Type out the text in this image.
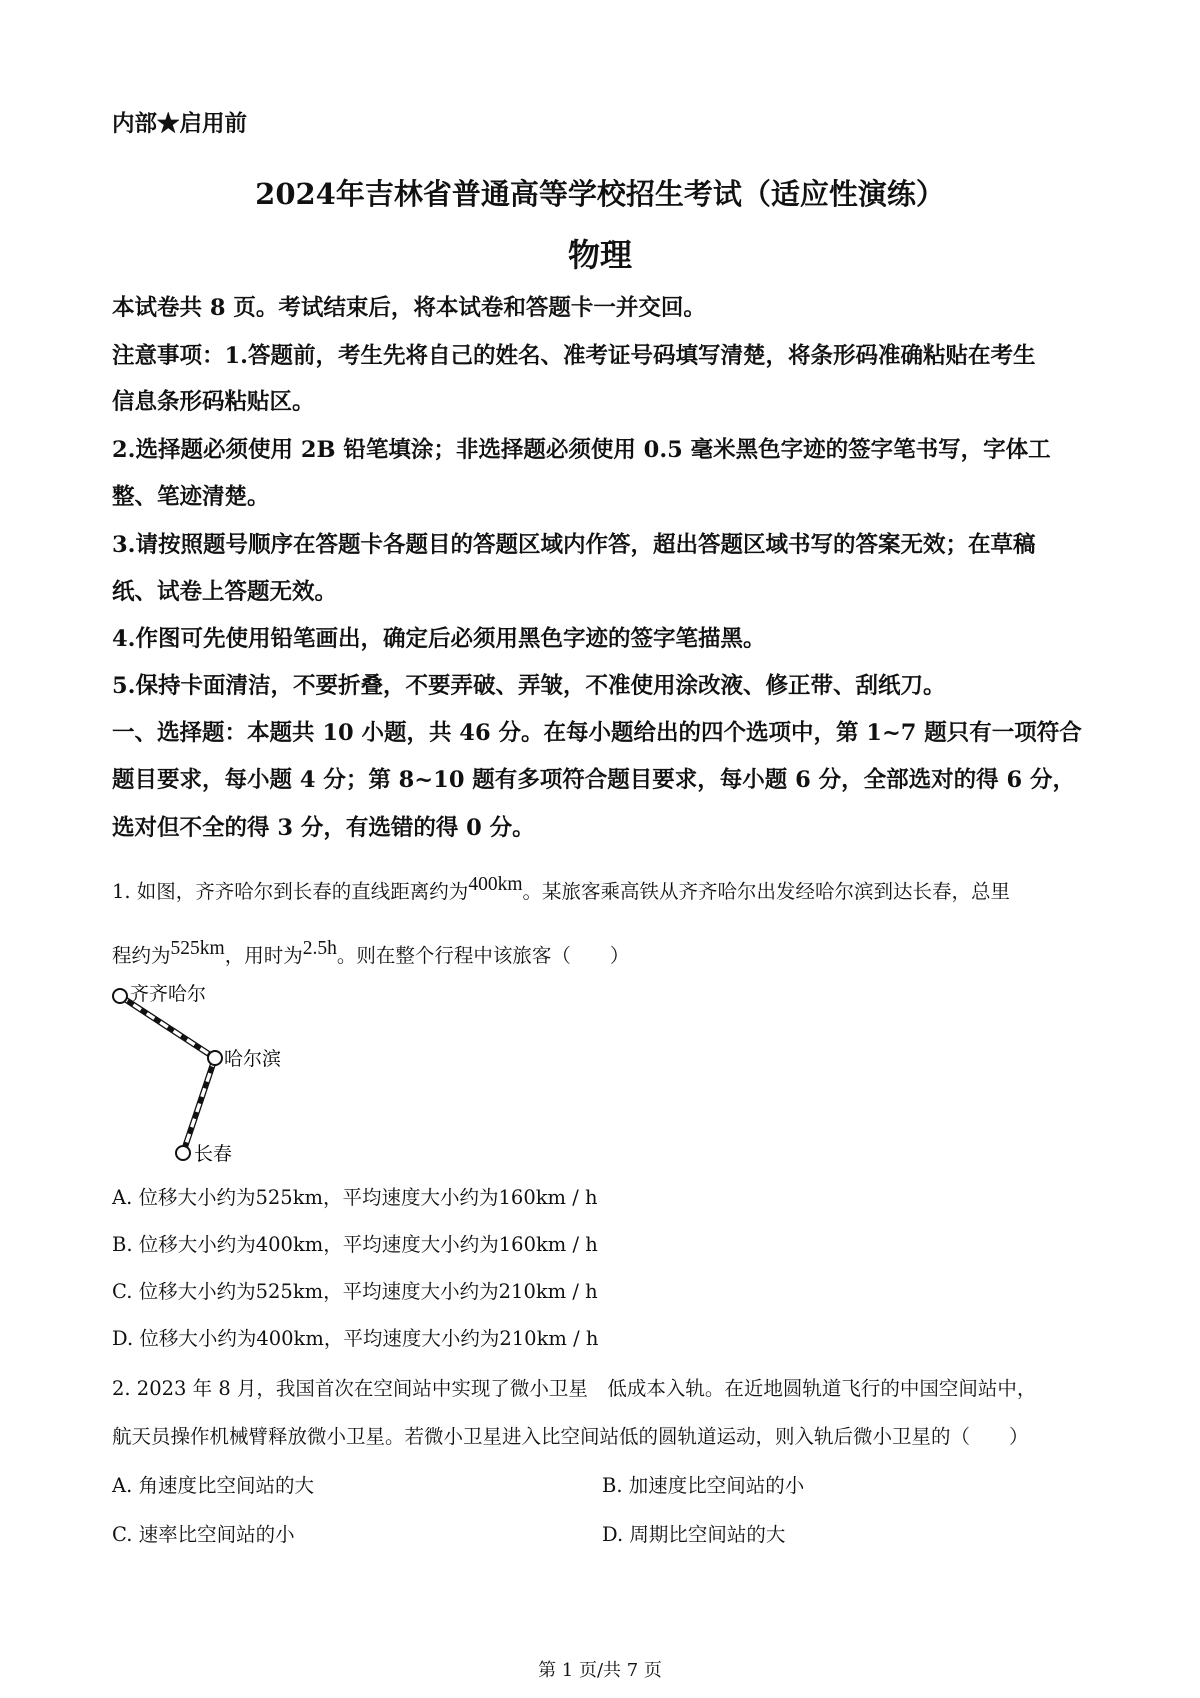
内部★启用前
2024年吉林省普通高等学校招生考试（适应性演练）
物理
本试卷共 8 页。考试结束后，将本试卷和答题卡一并交回。
注意事项：1.答题前，考生先将自己的姓名、准考证号码填写清楚，将条形码准确粘贴在考生
信息条形码粘贴区。
2.选择题必须使用 2B 铅笔填涂；非选择题必须使用 0.5 毫米黑色字迹的签字笔书写，字体工
整、笔迹清楚。
3.请按照题号顺序在答题卡各题目的答题区域内作答，超出答题区域书写的答案无效；在草稿
纸、试卷上答题无效。
4.作图可先使用铅笔画出，确定后必须用黑色字迹的签字笔描黑。
5.保持卡面清洁，不要折叠，不要弄破、弄皱，不准使用涂改液、修正带、刮纸刀。
一、选择题：本题共 10 小题，共 46 分。在每小题给出的四个选项中，第 1~7 题只有一项符合
题目要求，每小题 4 分；第 8~10 题有多项符合题目要求，每小题 6 分，全部选对的得 6 分，
选对但不全的得 3 分，有选错的得 0 分。
1. 如图，齐齐哈尔到长春的直线距离约为400km。某旅客乘高铁从齐齐哈尔出发经哈尔滨到达长春，总里
程约为525km，用时为2.5h。则在整个行程中该旅客（　　）
齐齐哈尔
哈尔滨
长春
A. 位移大小约为525km，平均速度大小约为160km / h
B. 位移大小约为400km，平均速度大小约为160km / h
C. 位移大小约为525km，平均速度大小约为210km / h
D. 位移大小约为400km，平均速度大小约为210km / h
2. 2023 年 8 月，我国首次在空间站中实现了微小卫星　低成本入轨。在近地圆轨道飞行的中国空间站中，
航天员操作机械臂释放微小卫星。若微小卫星进入比空间站低的圆轨道运动，则入轨后微小卫星的（　　）
A. 角速度比空间站的大	B. 加速度比空间站的小
C. 速率比空间站的小	D. 周期比空间站的大
第 1 页/共 7 页
